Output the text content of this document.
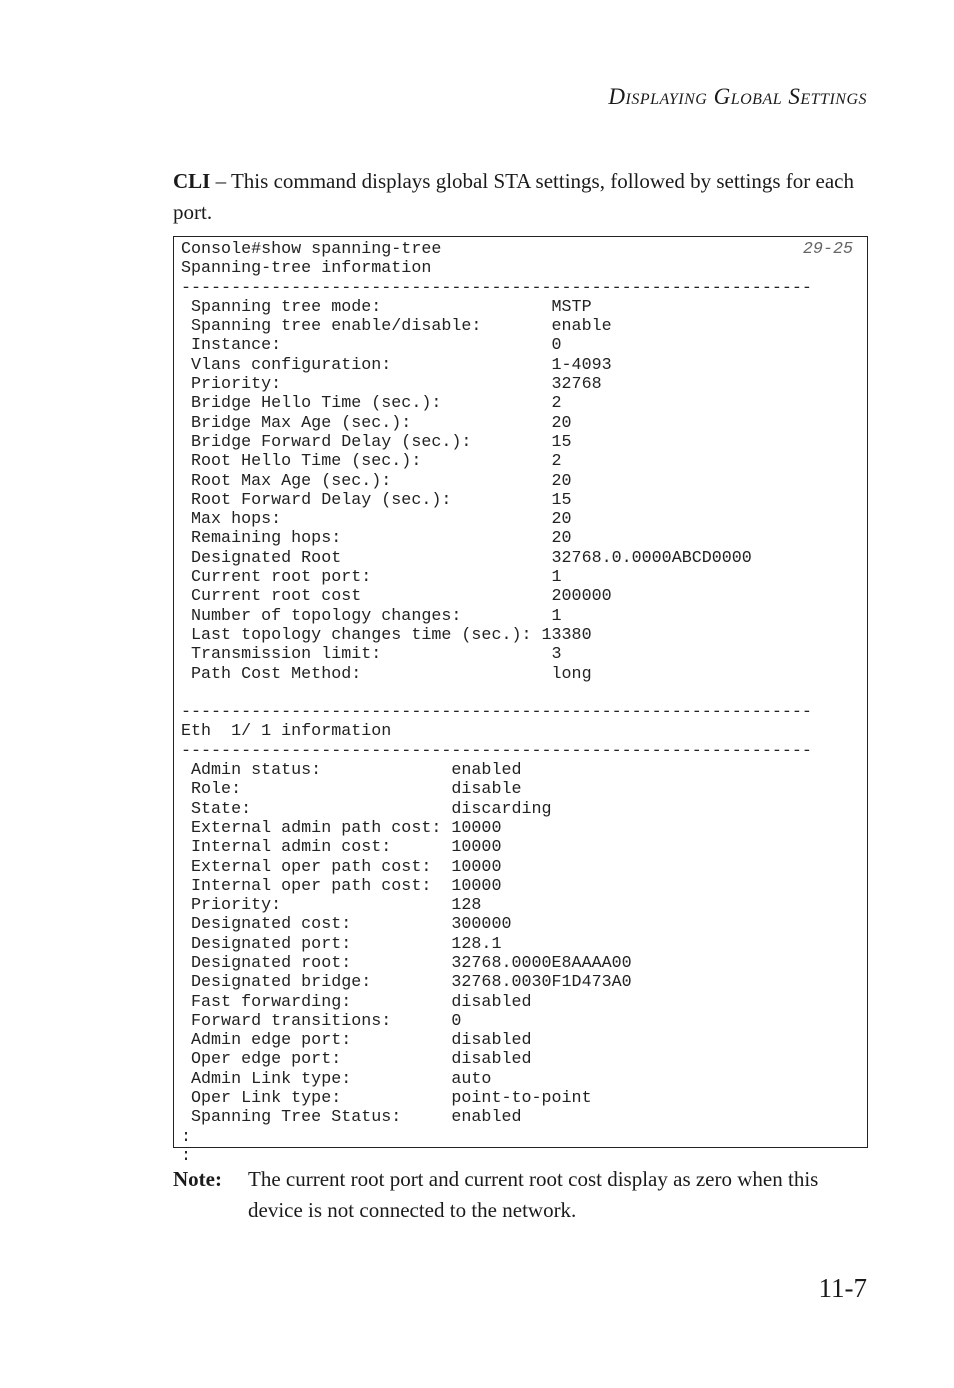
Displaying Global Settings

CLI – This command displays global STA settings, followed by settings for each port.

29-25
Console#show spanning-tree
Spanning-tree information
---------------------------------------------------------------
Spanning tree mode:                 MSTP
Spanning tree enable/disable:       enable
Instance:                           0
Vlans configuration:                1-4093
Priority:                           32768
Bridge Hello Time (sec.):           2
Bridge Max Age (sec.):              20
Bridge Forward Delay (sec.):        15
Root Hello Time (sec.):             2
Root Max Age (sec.):                20
Root Forward Delay (sec.):          15
Max hops:                           20
Remaining hops:                     20
Designated Root                     32768.0.0000ABCD0000
Current root port:                  1
Current root cost                   200000
Number of topology changes:         1
Last topology changes time (sec.): 13380
Transmission limit:                 3
Path Cost Method:                   long

---------------------------------------------------------------
Eth  1/ 1 information
---------------------------------------------------------------
Admin status:             enabled
Role:                     disable
State:                    discarding
External admin path cost: 10000
Internal admin cost:      10000
External oper path cost:  10000
Internal oper path cost:  10000
Priority:                 128
Designated cost:          300000
Designated port:          128.1
Designated root:          32768.0000E8AAAA00
Designated bridge:        32768.0030F1D473A0
Fast forwarding:          disabled
Forward transitions:      0
Admin edge port:          disabled
Oper edge port:           disabled
Admin Link type:          auto
Oper Link type:           point-to-point
Spanning Tree Status:     enabled
:
:
Note: The current root port and current root cost display as zero when this device is not connected to the network.
11-7
